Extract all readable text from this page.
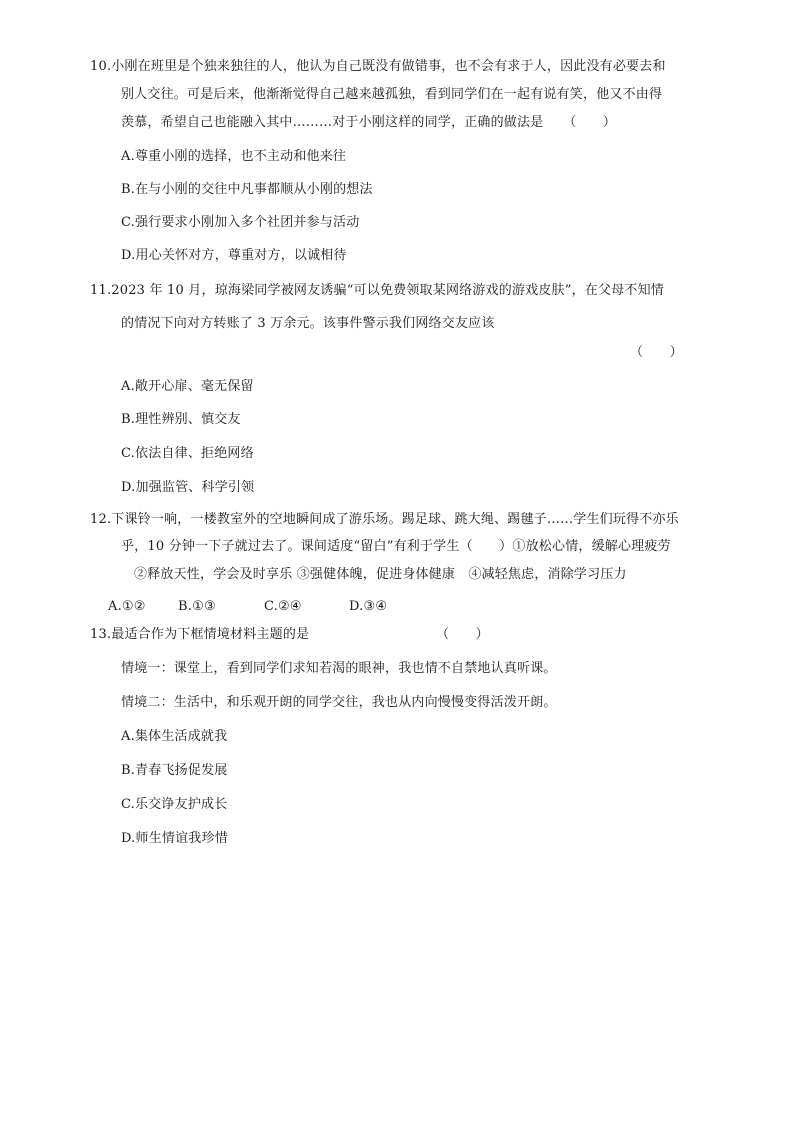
10.小刚在班里是个独来独往的人，他认为自己既没有做错事，也不会有求于人，因此没有必要去和
别人交往。可是后来，他渐渐觉得自己越来越孤独，看到同学们在一起有说有笑，他又不由得
羡慕，希望自己也能融入其中………对于小刚这样的同学，正确的做法是　　（　　）
A.尊重小刚的选择，也不主动和他来往
B.在与小刚的交往中凡事都顺从小刚的想法
C.强行要求小刚加入多个社团并参与活动
D.用心关怀对方，尊重对方，以诚相待
11.2023 年 10 月，琼海梁同学被网友诱骗“可以免费领取某网络游戏的游戏皮肤”，在父母不知情
的情况下向对方转账了 3 万余元。该事件警示我们网络交友应该
（　　）
A.敞开心扉、毫无保留
B.理性辨别、慎交友
C.依法自律、拒绝网络
D.加强监管、科学引领
12.下课铃一响，一楼教室外的空地瞬间成了游乐场。踢足球、跳大绳、踢毽子……学生们玩得不亦乐
乎，10 分钟一下子就过去了。课间适度“留白”有利于学生（　　）①放松心情，缓解心理疲劳
②释放天性，学会及时享乐 ③强健体魄，促进身体健康　④减轻焦虑，消除学习压力
A.①② B.①③	C.②④	D.③④
13.最适合作为下框情境材料主题的是	（　　）
情境一：课堂上，看到同学们求知若渴的眼神，我也情不自禁地认真听课。
情境二：生活中，和乐观开朗的同学交往，我也从内向慢慢变得活泼开朗。
A.集体生活成就我
B.青春飞扬促发展
C.乐交诤友护成长
D.师生情谊我珍惜
